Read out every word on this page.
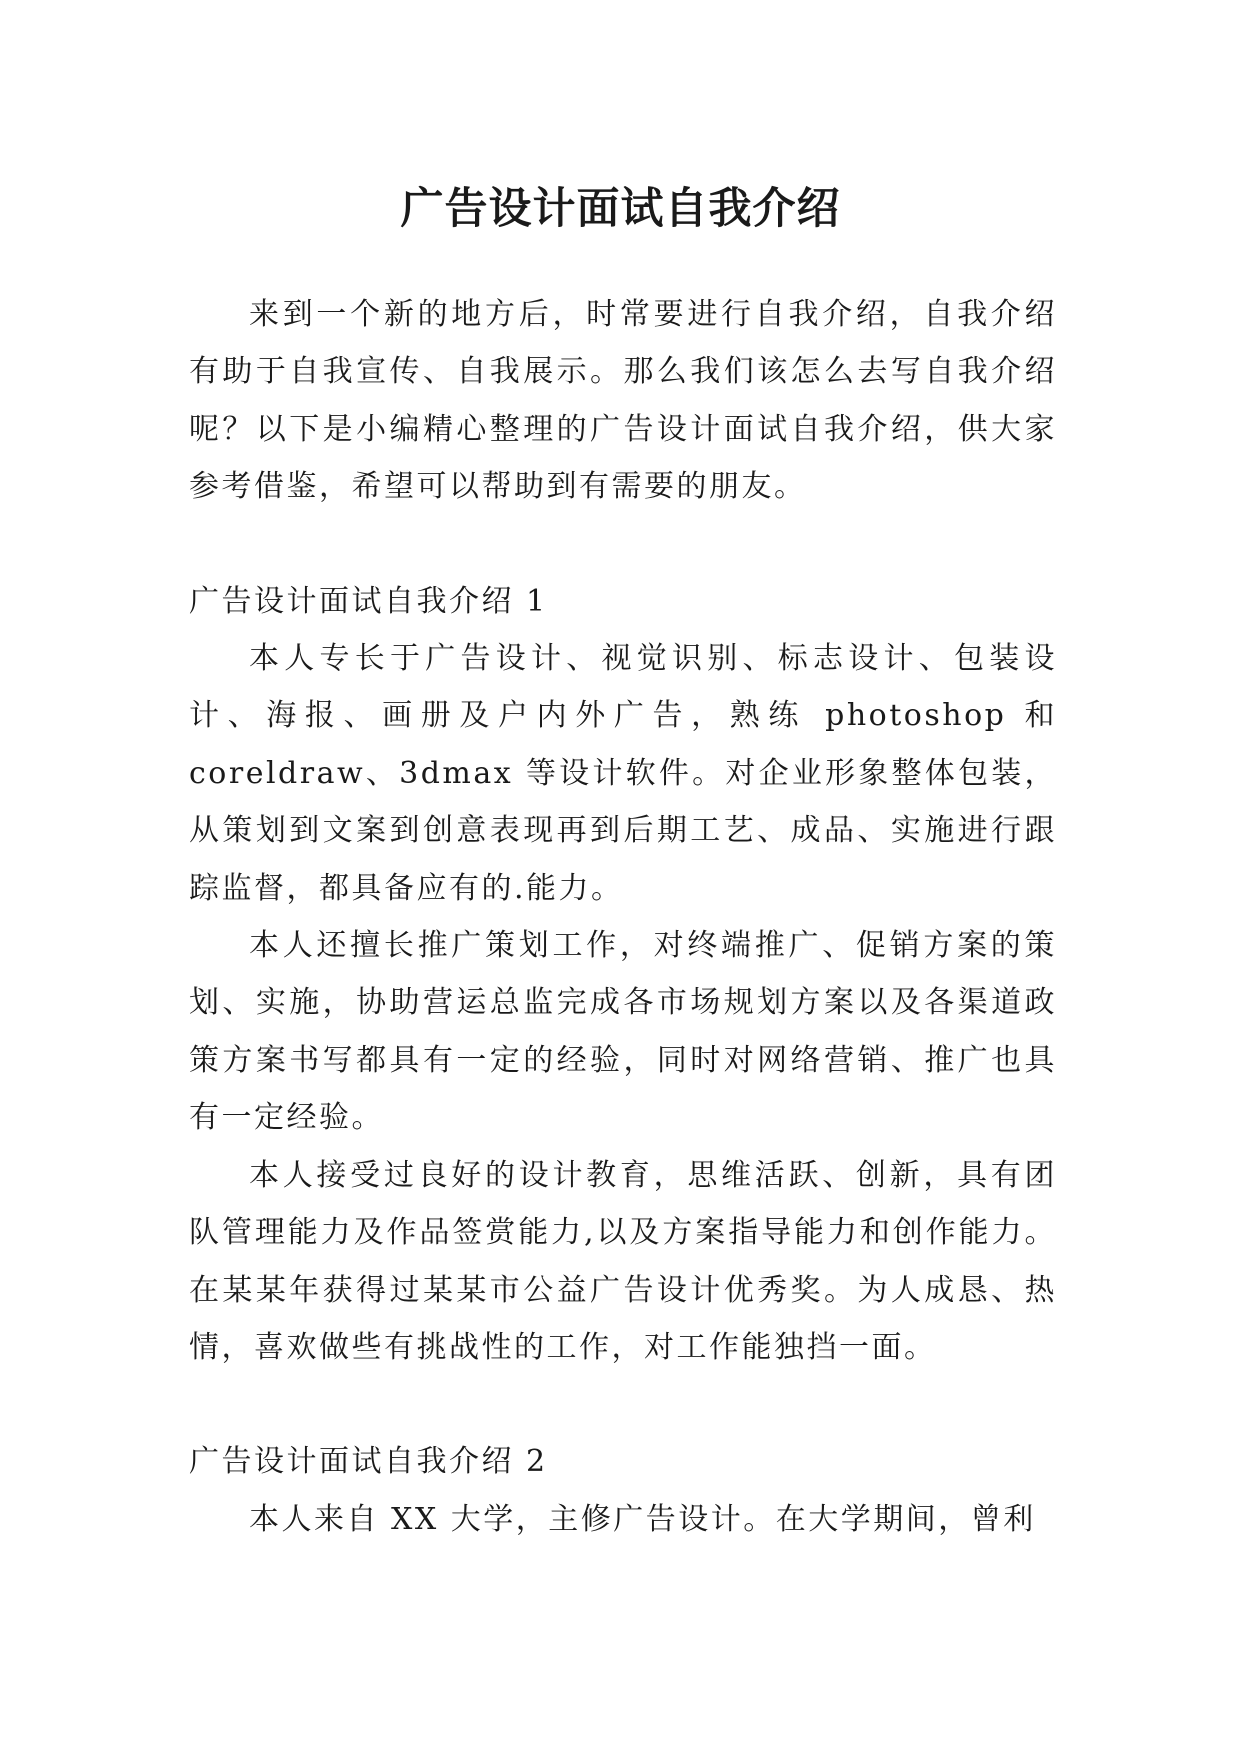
广告设计面试自我介绍

来到一个新的地方后，时常要进行自我介绍，自我介绍有助于自我宣传、自我展示。那么我们该怎么去写自我介绍呢？以下是小编精心整理的广告设计面试自我介绍，供大家参考借鉴，希望可以帮助到有需要的朋友。

广告设计面试自我介绍 1

本人专长于广告设计、视觉识别、标志设计、包装设计、海报、画册及户内外广告，熟练 photoshop 和 coreldraw、3dmax 等设计软件。对企业形象整体包装，从策划到文案到创意表现再到后期工艺、成品、实施进行跟踪监督，都具备应有的.能力。

本人还擅长推广策划工作，对终端推广、促销方案的策划、实施，协助营运总监完成各市场规划方案以及各渠道政策方案书写都具有一定的经验，同时对网络营销、推广也具有一定经验。

本人接受过良好的设计教育，思维活跃、创新，具有团队管理能力及作品签赏能力,以及方案指导能力和创作能力。在某某年获得过某某市公益广告设计优秀奖。为人成恳、热情，喜欢做些有挑战性的工作，对工作能独挡一面。

广告设计面试自我介绍 2

本人来自 XX 大学，主修广告设计。在大学期间，曾利
